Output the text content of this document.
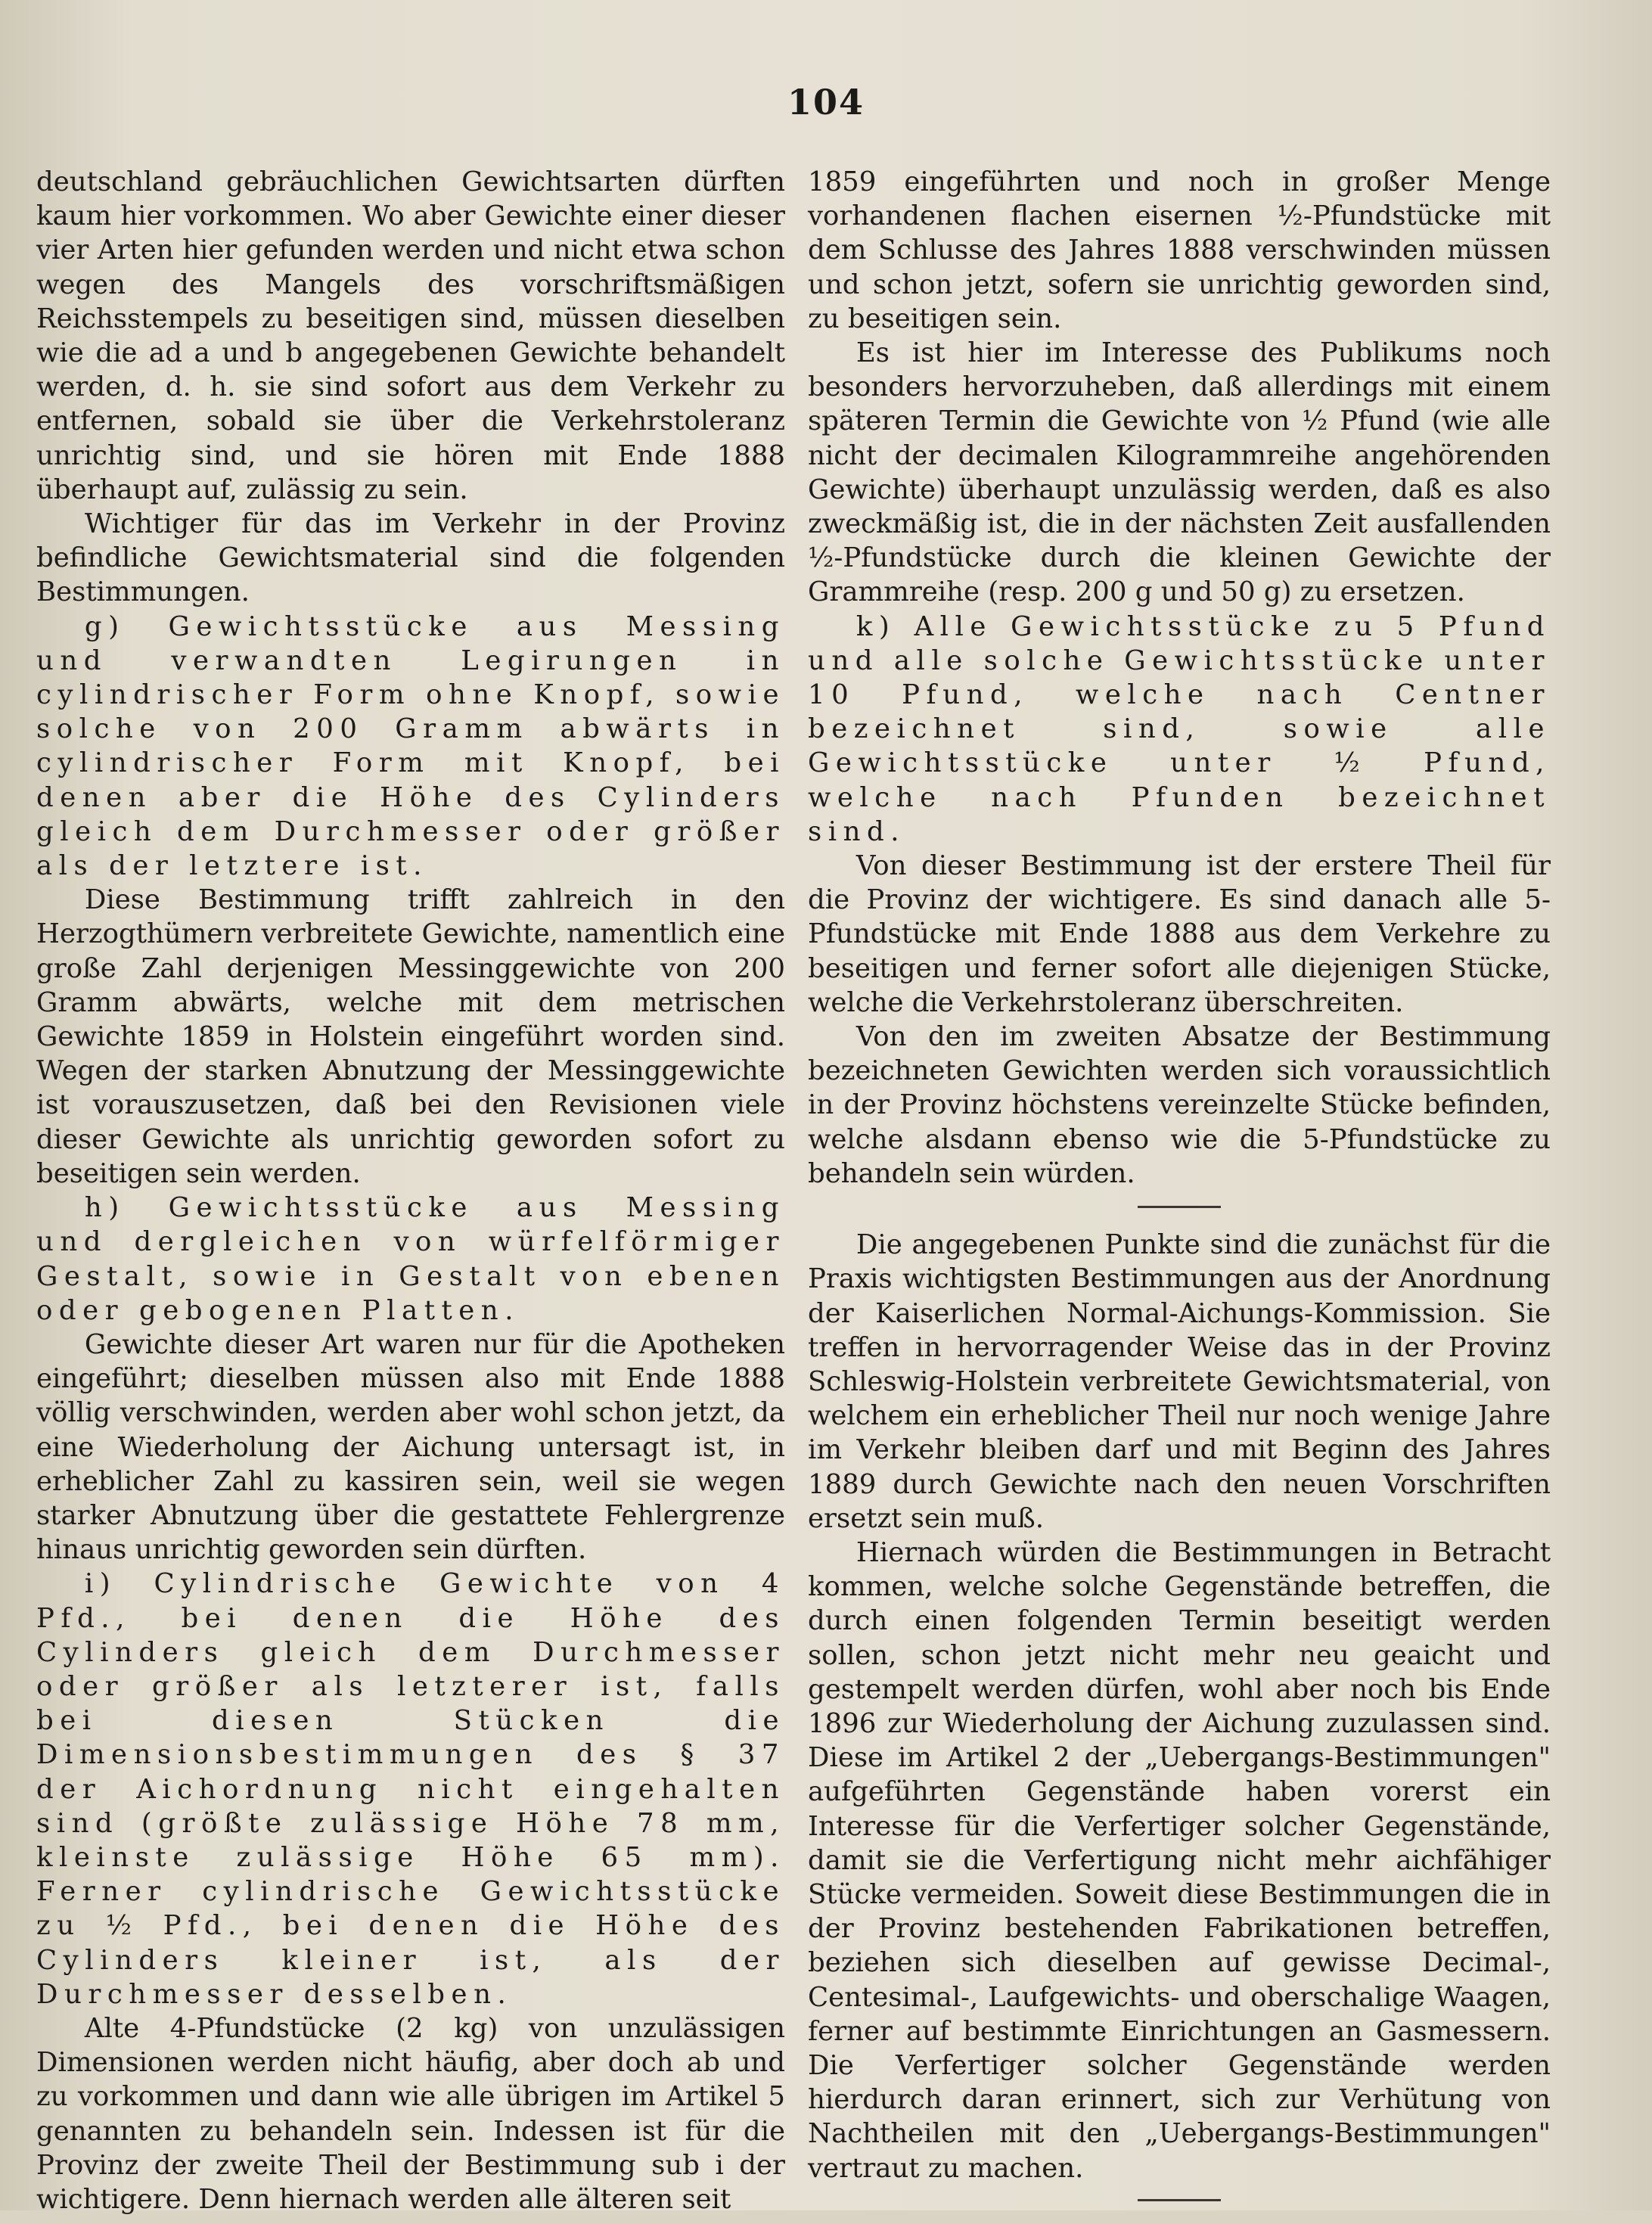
104

deutschland gebräuchlichen Gewichtsarten dürften kaum hier vorkommen. Wo aber Gewichte einer dieser vier Arten hier gefunden werden und nicht etwa schon wegen des Mangels des vorschriftsmäßigen Reichsstempels zu beseitigen sind, müssen dieselben wie die ad a und b angegebenen Gewichte behandelt werden, d. h. sie sind sofort aus dem Verkehr zu entfernen, sobald sie über die Verkehrstoleranz unrichtig sind, und sie hören mit Ende 1888 überhaupt auf, zulässig zu sein.

Wichtiger für das im Verkehr in der Provinz befindliche Gewichtsmaterial sind die folgenden Bestimmungen.

g) Gewichtsstücke aus Messing und verwandten Legirungen in cylindrischer Form ohne Knopf, sowie solche von 200 Gramm abwärts in cylindrischer Form mit Knopf, bei denen aber die Höhe des Cylinders gleich dem Durchmesser oder größer als der letztere ist.

Diese Bestimmung trifft zahlreich in den Herzogthümern verbreitete Gewichte, namentlich eine große Zahl derjenigen Messinggewichte von 200 Gramm abwärts, welche mit dem metrischen Gewichte 1859 in Holstein eingeführt worden sind. Wegen der starken Abnutzung der Messinggewichte ist vorauszusetzen, daß bei den Revisionen viele dieser Gewichte als unrichtig geworden sofort zu beseitigen sein werden.

h) Gewichtsstücke aus Messing und dergleichen von würfelförmiger Gestalt, sowie in Gestalt von ebenen oder gebogenen Platten.

Gewichte dieser Art waren nur für die Apotheken eingeführt; dieselben müssen also mit Ende 1888 völlig verschwinden, werden aber wohl schon jetzt, da eine Wiederholung der Aichung untersagt ist, in erheblicher Zahl zu kassiren sein, weil sie wegen starker Abnutzung über die gestattete Fehlergrenze hinaus unrichtig geworden sein dürften.

i) Cylindrische Gewichte von 4 Pfd., bei denen die Höhe des Cylinders gleich dem Durchmesser oder größer als letzterer ist, falls bei diesen Stücken die Dimensionsbestimmungen des § 37 der Aichordnung nicht eingehalten sind (größte zulässige Höhe 78 mm, kleinste zulässige Höhe 65 mm). Ferner cylindrische Gewichtsstücke zu ½ Pfd., bei denen die Höhe des Cylinders kleiner ist, als der Durchmesser desselben.

Alte 4-Pfundstücke (2 kg) von unzulässigen Dimensionen werden nicht häufig, aber doch ab und zu vorkommen und dann wie alle übrigen im Artikel 5 genannten zu behandeln sein. Indessen ist für die Provinz der zweite Theil der Bestimmung sub i der wichtigere. Denn hiernach werden alle älteren seit

1859 eingeführten und noch in großer Menge vorhandenen flachen eisernen ½-Pfundstücke mit dem Schlusse des Jahres 1888 verschwinden müssen und schon jetzt, sofern sie unrichtig geworden sind, zu beseitigen sein.

Es ist hier im Interesse des Publikums noch besonders hervorzuheben, daß allerdings mit einem späteren Termin die Gewichte von ½ Pfund (wie alle nicht der decimalen Kilogrammreihe angehörenden Gewichte) überhaupt unzulässig werden, daß es also zweckmäßig ist, die in der nächsten Zeit ausfallenden ½-Pfundstücke durch die kleinen Gewichte der Grammreihe (resp. 200 g und 50 g) zu ersetzen.

k) Alle Gewichtsstücke zu 5 Pfund und alle solche Gewichtsstücke unter 10 Pfund, welche nach Centner bezeichnet sind, sowie alle Gewichtsstücke unter ½ Pfund, welche nach Pfunden bezeichnet sind.

Von dieser Bestimmung ist der erstere Theil für die Provinz der wichtigere. Es sind danach alle 5-Pfundstücke mit Ende 1888 aus dem Verkehre zu beseitigen und ferner sofort alle diejenigen Stücke, welche die Verkehrstoleranz überschreiten.

Von den im zweiten Absatze der Bestimmung bezeichneten Gewichten werden sich voraussichtlich in der Provinz höchstens vereinzelte Stücke befinden, welche alsdann ebenso wie die 5-Pfundstücke zu behandeln sein würden.

Die angegebenen Punkte sind die zunächst für die Praxis wichtigsten Bestimmungen aus der Anordnung der Kaiserlichen Normal-Aichungs-Kommission. Sie treffen in hervorragender Weise das in der Provinz Schleswig-Holstein verbreitete Gewichtsmaterial, von welchem ein erheblicher Theil nur noch wenige Jahre im Verkehr bleiben darf und mit Beginn des Jahres 1889 durch Gewichte nach den neuen Vorschriften ersetzt sein muß.

Hiernach würden die Bestimmungen in Betracht kommen, welche solche Gegenstände betreffen, die durch einen folgenden Termin beseitigt werden sollen, schon jetzt nicht mehr neu geaicht und gestempelt werden dürfen, wohl aber noch bis Ende 1896 zur Wiederholung der Aichung zuzulassen sind. Diese im Artikel 2 der „Uebergangs-Bestimmungen" aufgeführten Gegenstände haben vorerst ein Interesse für die Verfertiger solcher Gegenstände, damit sie die Verfertigung nicht mehr aichfähiger Stücke vermeiden. Soweit diese Bestimmungen die in der Provinz bestehenden Fabrikationen betreffen, beziehen sich dieselben auf gewisse Decimal-, Centesimal-, Laufgewichts- und oberschalige Waagen, ferner auf bestimmte Einrichtungen an Gasmessern. Die Verfertiger solcher Gegenstände werden hierdurch daran erinnert, sich zur Verhütung von Nachtheilen mit den „Uebergangs-Bestimmungen" vertraut zu machen.
